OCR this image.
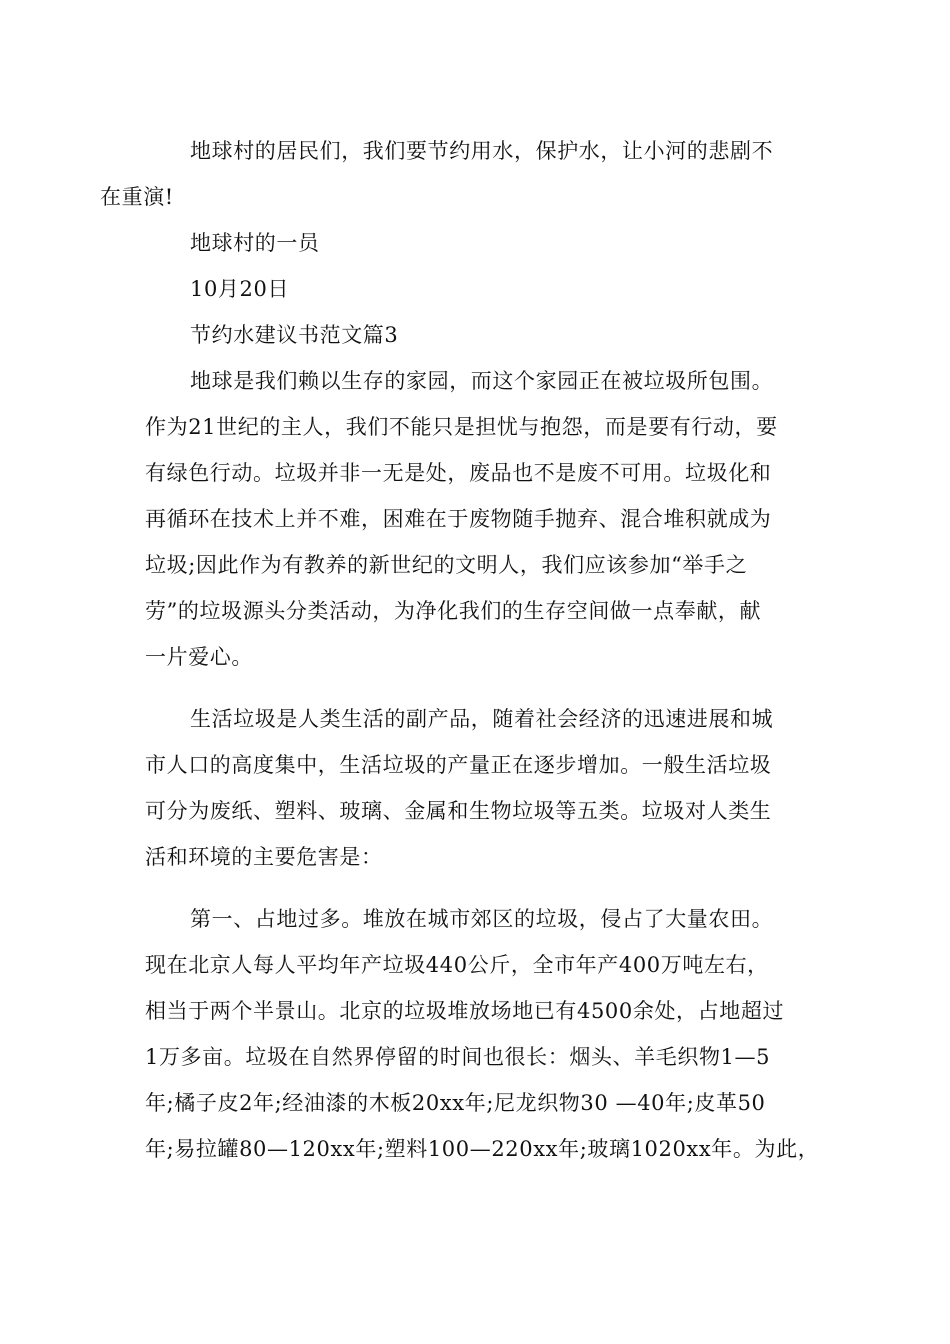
地球村的居民们，我们要节约用水，保护水，让小河的悲剧不
在重演!

地球村的一员

10月20日

节约水建议书范文篇3

地球是我们赖以生存的家园，而这个家园正在被垃圾所包围。
作为21世纪的主人，我们不能只是担忧与抱怨，而是要有行动，要
有绿色行动。垃圾并非一无是处，废品也不是废不可用。垃圾化和
再循环在技术上并不难，困难在于废物随手抛弃、混合堆积就成为
垃圾;因此作为有教养的新世纪的文明人，我们应该参加“举手之
劳”的垃圾源头分类活动，为净化我们的生存空间做一点奉献，献
一片爱心。

生活垃圾是人类生活的副产品，随着社会经济的迅速进展和城
市人口的高度集中，生活垃圾的产量正在逐步增加。一般生活垃圾
可分为废纸、塑料、玻璃、金属和生物垃圾等五类。垃圾对人类生
活和环境的主要危害是：

第一、占地过多。堆放在城市郊区的垃圾，侵占了大量农田。
现在北京人每人平均年产垃圾440公斤，全市年产400万吨左右，
相当于两个半景山。北京的垃圾堆放场地已有4500余处，占地超过
1万多亩。垃圾在自然界停留的时间也很长：烟头、羊毛织物1—5
年;橘子皮2年;经油漆的木板20xx年;尼龙织物30 —40年;皮革50
年;易拉罐80—120xx年;塑料100—220xx年;玻璃1020xx年。为此，
